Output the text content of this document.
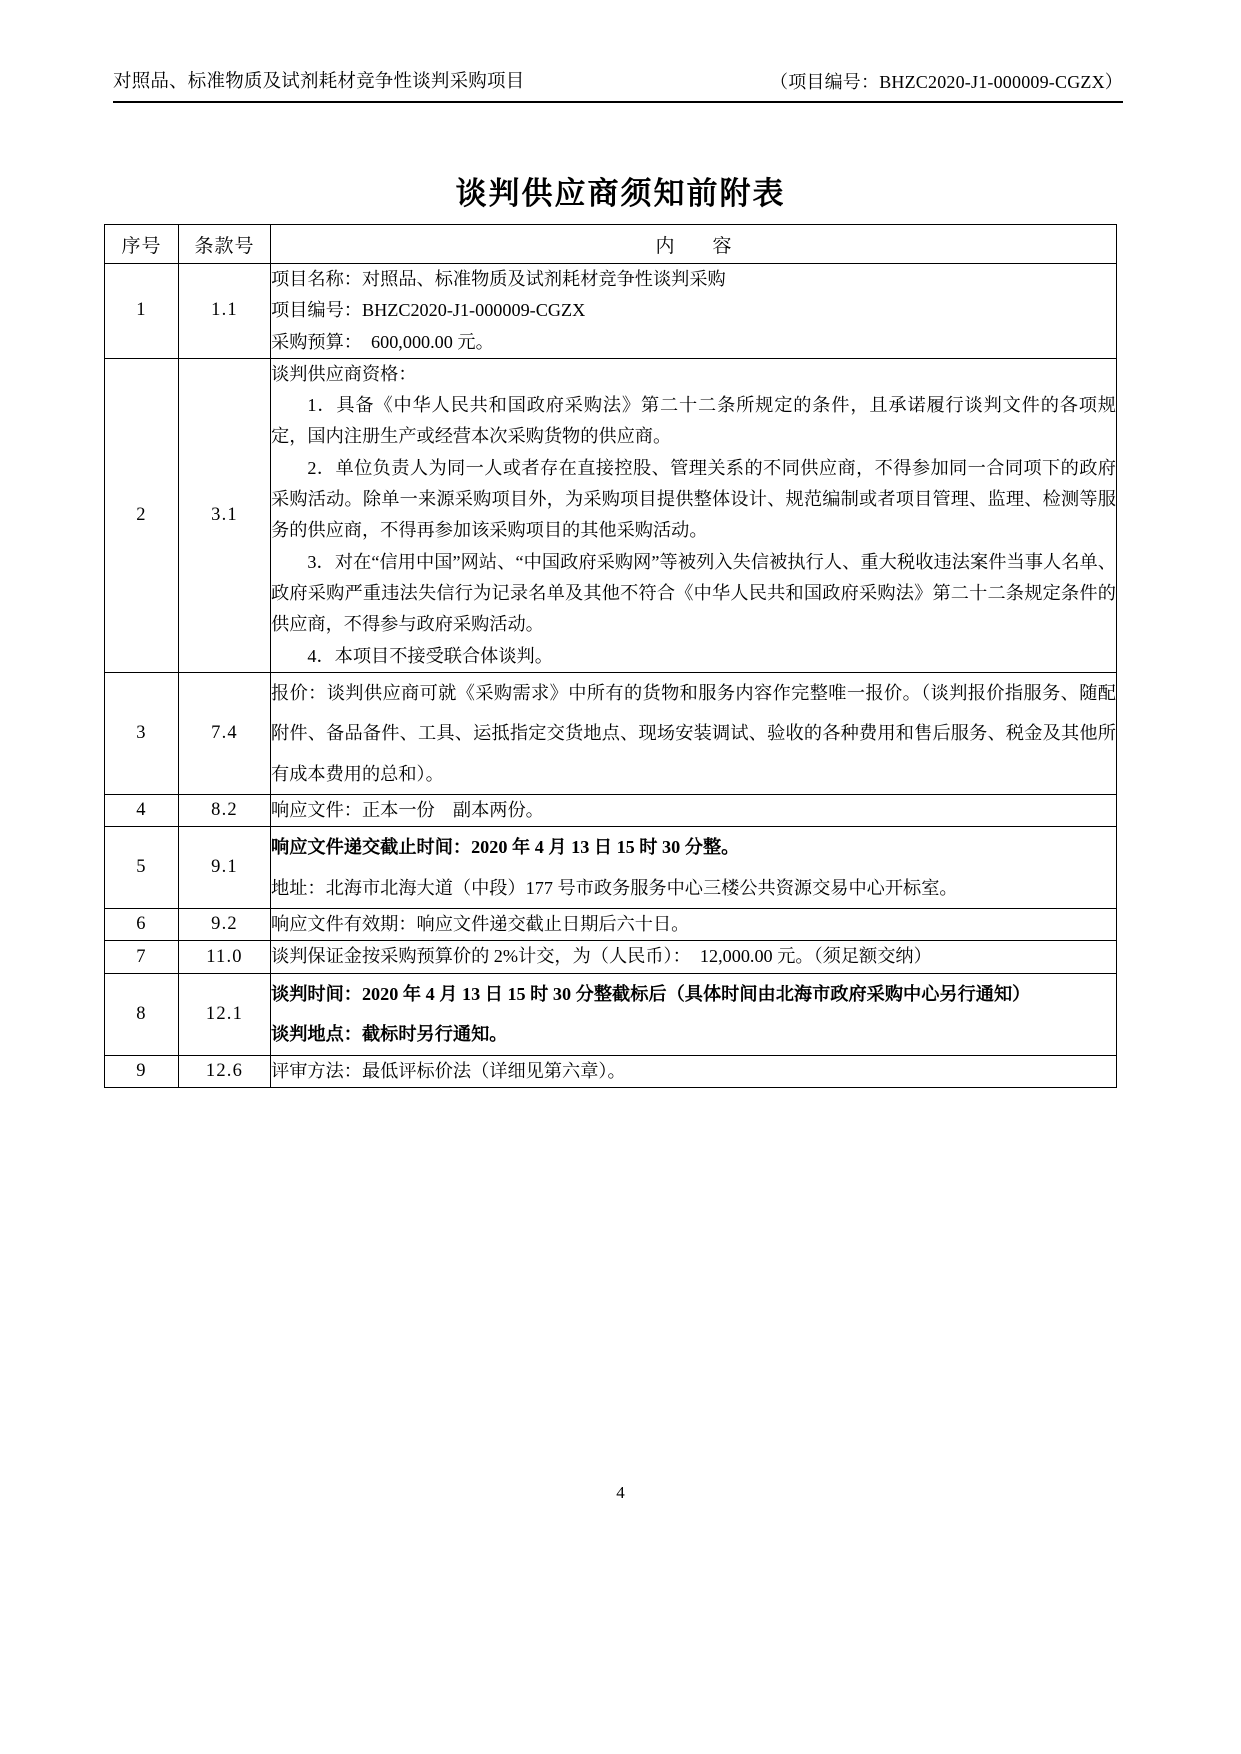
对照品、标准物质及试剂耗材竞争性谈判采购项目	（项目编号：BHZC2020-J1-000009-CGZX）
谈判供应商须知前附表
序号	条款号	内　　容
1	1.1	项目名称：对照品、标准物质及试剂耗材竞争性谈判采购

项目编号：BHZC2020-J1-000009-CGZX

采购预算：　600,000.00 元。

2	3.1	谈判供应商资格：

1．具备《中华人民共和国政府采购法》第二十二条所规定的条件，且承诺履行谈判文件的各项规定，国内注册生产或经营本次采购货物的供应商。

2．单位负责人为同一人或者存在直接控股、管理关系的不同供应商，不得参加同一合同项下的政府采购活动。除单一来源采购项目外，为采购项目提供整体设计、规范编制或者项目管理、监理、检测等服务的供应商，不得再参加该采购项目的其他采购活动。

3．对在“信用中国”网站、“中国政府采购网”等被列入失信被执行人、重大税收违法案件当事人名单、政府采购严重违法失信行为记录名单及其他不符合《中华人民共和国政府采购法》第二十二条规定条件的供应商，不得参与政府采购活动。

4．本项目不接受联合体谈判。

3	7.4	报价：谈判供应商可就《采购需求》中所有的货物和服务内容作完整唯一报价。（谈判报价指服务、随配附件、备品备件、工具、运抵指定交货地点、现场安装调试、验收的各种费用和售后服务、税金及其他所有成本费用的总和）。

4	8.2	响应文件：正本一份　副本两份。

5	9.1	响应文件递交截止时间：2020 年 4 月 13 日 15 时 30 分整。

地址：北海市北海大道（中段）177 号市政务服务中心三楼公共资源交易中心开标室。

6	9.2	响应文件有效期：响应文件递交截止日期后六十日。

7	11.0	谈判保证金按采购预算价的 2%计交，为（人民币）：　12,000.00 元。（须足额交纳）

8	12.1	谈判时间：2020 年 4 月 13 日 15 时 30 分整截标后（具体时间由北海市政府采购中心另行通知）

谈判地点：截标时另行通知。

9	12.6	评审方法：最低评标价法（详细见第六章）。

4
